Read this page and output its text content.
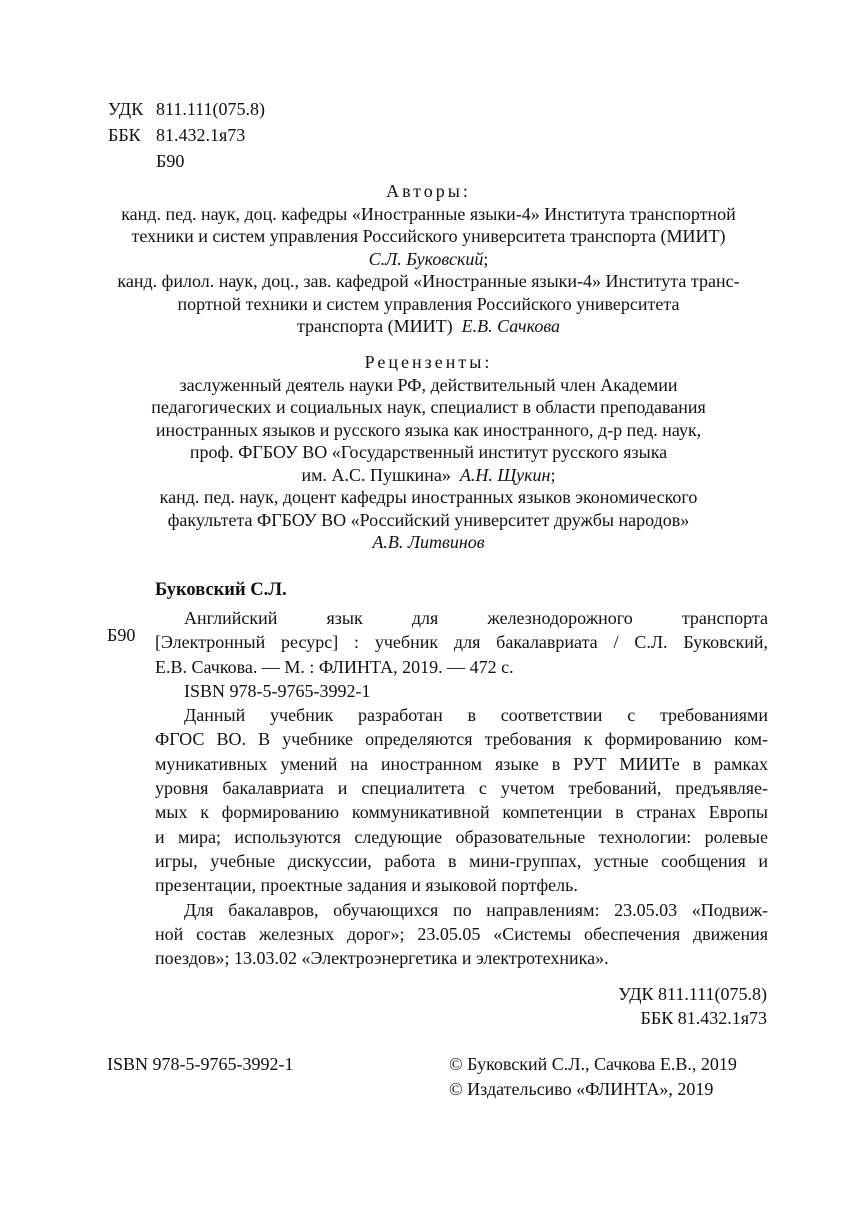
УДК 811.111(075.8)
ББК 81.432.1я73
Б90
Авторы:
канд. пед. наук, доц. кафедры «Иностранные языки-4» Института транспортной
техники и систем управления Российского университета транспорта (МИИТ)
С.Л. Буковский;
канд. филол. наук, доц., зав. кафедрой «Иностранные языки-4» Института транс-
портной техники и систем управления Российского университета
транспорта (МИИТ)  Е.В. Сачкова
Рецензенты:
заслуженный деятель науки РФ, действительный член Академии
педагогических и социальных наук, специалист в области преподавания
иностранных языков и русского языка как иностранного, д-р пед. наук,
проф. ФГБОУ ВО «Государственный институт русского языка
им. А.С. Пушкина»  А.Н. Щукин;
канд. пед. наук, доцент кафедры иностранных языков экономического
факультета ФГБОУ ВО «Российский университет дружбы народов»
А.В. Литвинов
Буковский С.Л.
Б90
Английский язык для железнодорожного транспорта
[Электронный ресурс] : учебник для бакалавриата / С.Л. Буковский,
Е.В. Сачкова. — М. : ФЛИНТА, 2019. — 472 с.
ISBN 978-5-9765-3992-1
Данный учебник разработан в соответствии с требованиями
ФГОС ВО. В учебнике определяются требования к формированию ком-
муникативных умений на иностранном языке в РУТ МИИТе в рамках
уровня бакалавриата и специалитета с учетом требований, предъявляе-
мых к формированию коммуникативной компетенции в странах Европы
и мира; используются следующие образовательные технологии: ролевые
игры, учебные дискуссии, работа в мини-группах, устные сообщения и
презентации, проектные задания и языковой портфель.
Для бакалавров, обучающихся по направлениям: 23.05.03 «Подвиж-
ной состав железных дорог»; 23.05.05 «Системы обеспечения движения
поездов»; 13.03.02 «Электроэнергетика и электротехника».
УДК 811.111(075.8)
ББК 81.432.1я73
ISBN 978-5-9765-3992-1	© Буковский С.Л., Сачкова Е.В., 2019
© Издательсиво «ФЛИНТА», 2019
